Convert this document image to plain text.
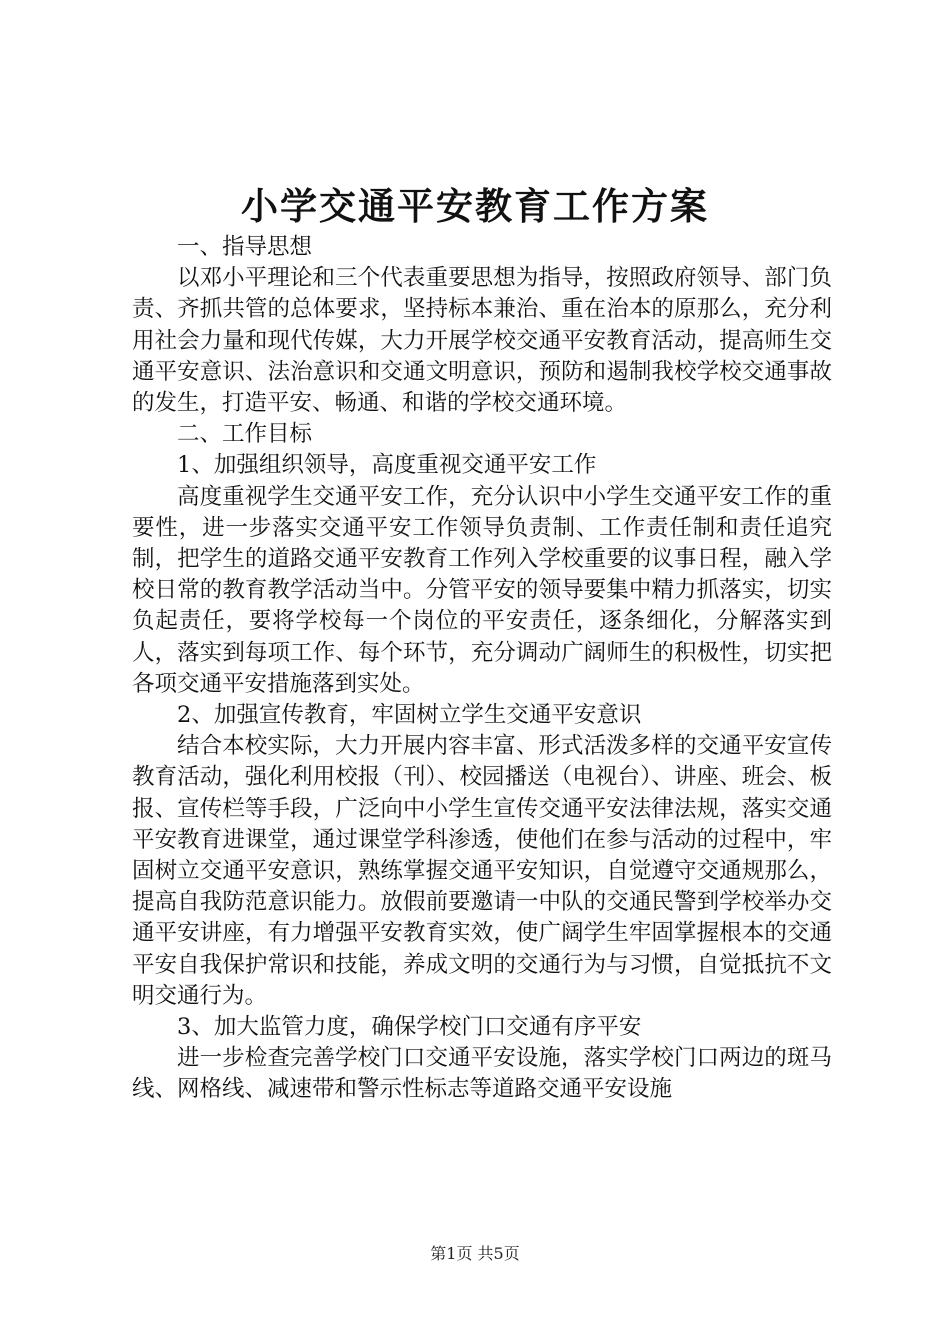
小学交通平安教育工作方案

一、指导思想

以邓小平理论和三个代表重要思想为指导，按照政府领导、部门负责、齐抓共管的总体要求，坚持标本兼治、重在治本的原那么，充分利用社会力量和现代传媒，大力开展学校交通平安教育活动，提高师生交通平安意识、法治意识和交通文明意识，预防和遏制我校学校交通事故的发生，打造平安、畅通、和谐的学校交通环境。

二、工作目标

1、加强组织领导，高度重视交通平安工作

高度重视学生交通平安工作，充分认识中小学生交通平安工作的重要性，进一步落实交通平安工作领导负责制、工作责任制和责任追究制，把学生的道路交通平安教育工作列入学校重要的议事日程，融入学校日常的教育教学活动当中。分管平安的领导要集中精力抓落实，切实负起责任，要将学校每一个岗位的平安责任，逐条细化，分解落实到人，落实到每项工作、每个环节，充分调动广阔师生的积极性，切实把各项交通平安措施落到实处。

2、加强宣传教育，牢固树立学生交通平安意识

结合本校实际，大力开展内容丰富、形式活泼多样的交通平安宣传教育活动，强化利用校报（刊）、校园播送（电视台）、讲座、班会、板报、宣传栏等手段，广泛向中小学生宣传交通平安法律法规，落实交通平安教育进课堂，通过课堂学科渗透，使他们在参与活动的过程中，牢固树立交通平安意识，熟练掌握交通平安知识，自觉遵守交通规那么，提高自我防范意识能力。放假前要邀请一中队的交通民警到学校举办交通平安讲座，有力增强平安教育实效，使广阔学生牢固掌握根本的交通平安自我保护常识和技能，养成文明的交通行为与习惯，自觉抵抗不文明交通行为。

3、加大监管力度，确保学校门口交通有序平安

进一步检查完善学校门口交通平安设施，落实学校门口两边的斑马线、网格线、减速带和警示性标志等道路交通平安设施

第1页 共5页
